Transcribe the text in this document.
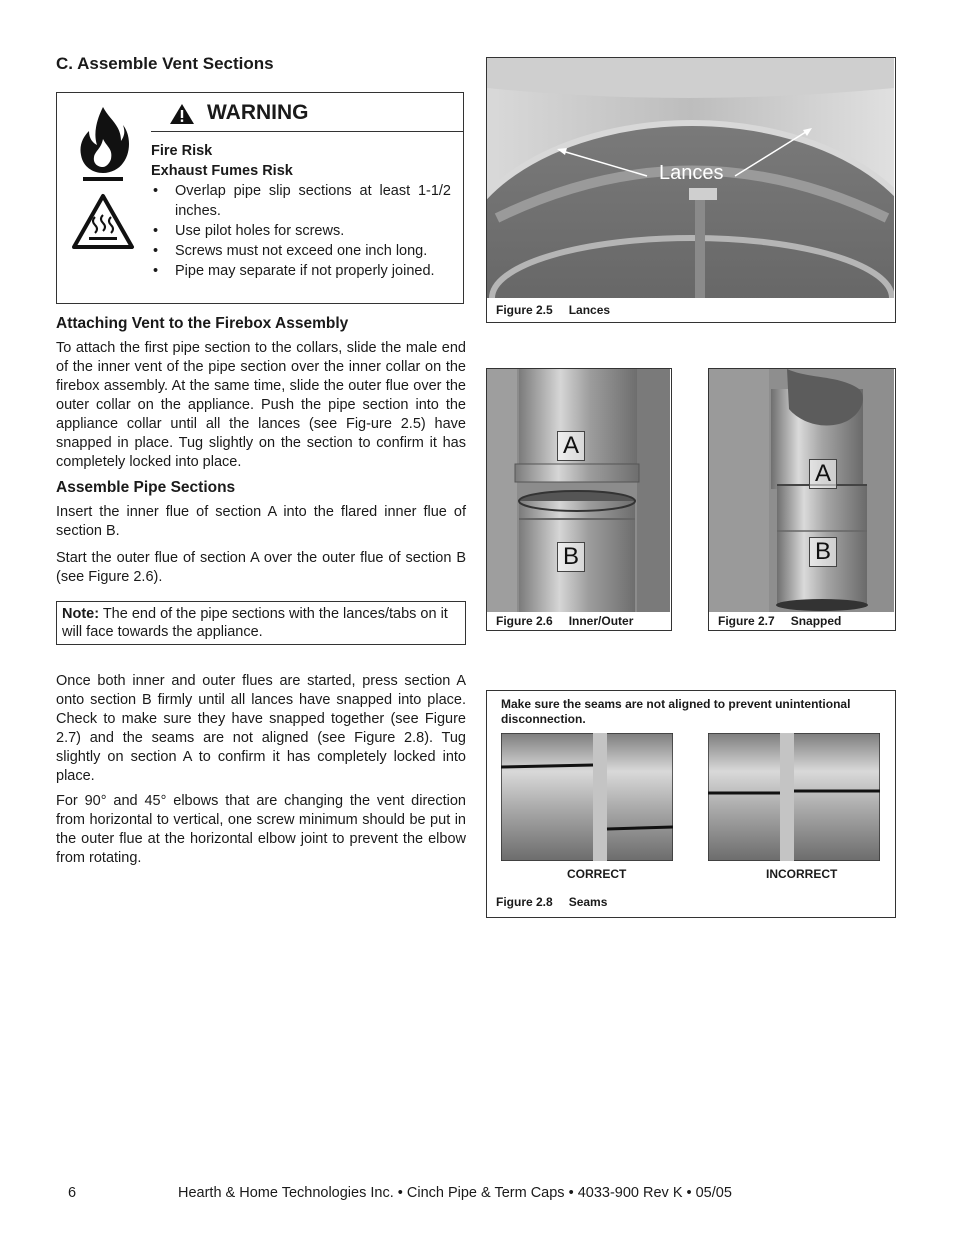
C. Assemble Vent Sections
WARNING
Fire Risk
Exhaust Fumes Risk
• Overlap pipe slip sections at least 1-1/2 inches.
• Use pilot holes for screws.
• Screws must not exceed one inch long.
• Pipe may separate if not properly joined.
Attaching Vent to the Firebox Assembly
To attach the first pipe section to the collars, slide the male end of the inner vent of the pipe section over the inner collar on the firebox assembly. At the same time, slide the outer flue over the outer collar on the appliance. Push the pipe section into the appliance collar until all the lances (see Fig-ure 2.5) have snapped in place. Tug slightly on the section to confirm it has completely locked into place.
Assemble Pipe Sections
Insert the inner flue of section A into the flared inner flue of section B.
Start the outer flue of section A over the outer flue of section B (see Figure 2.6).
Note: The end of the pipe sections with the lances/tabs on it will face towards the appliance.
Once both inner and outer flues are started, press section A onto section B firmly until all lances have snapped into place. Check to make sure they have snapped together (see Figure 2.7) and the seams are not aligned (see Figure 2.8). Tug slightly on section A to confirm it has completely locked into place.
For 90° and 45° elbows that are changing the vent direction from horizontal to vertical, one screw minimum should be put in the outer flue at the horizontal elbow joint to prevent the elbow from rotating.
Lances
Figure 2.5 Lances
A
B
Figure 2.6 Inner/Outer
A
B
Figure 2.7 Snapped
Make sure the seams are not aligned to prevent unintentional disconnection.
CORRECT	INCORRECT
Figure 2.8 Seams
6	Hearth & Home Technologies Inc. • Cinch Pipe & Term Caps • 4033-900 Rev K • 05/05
